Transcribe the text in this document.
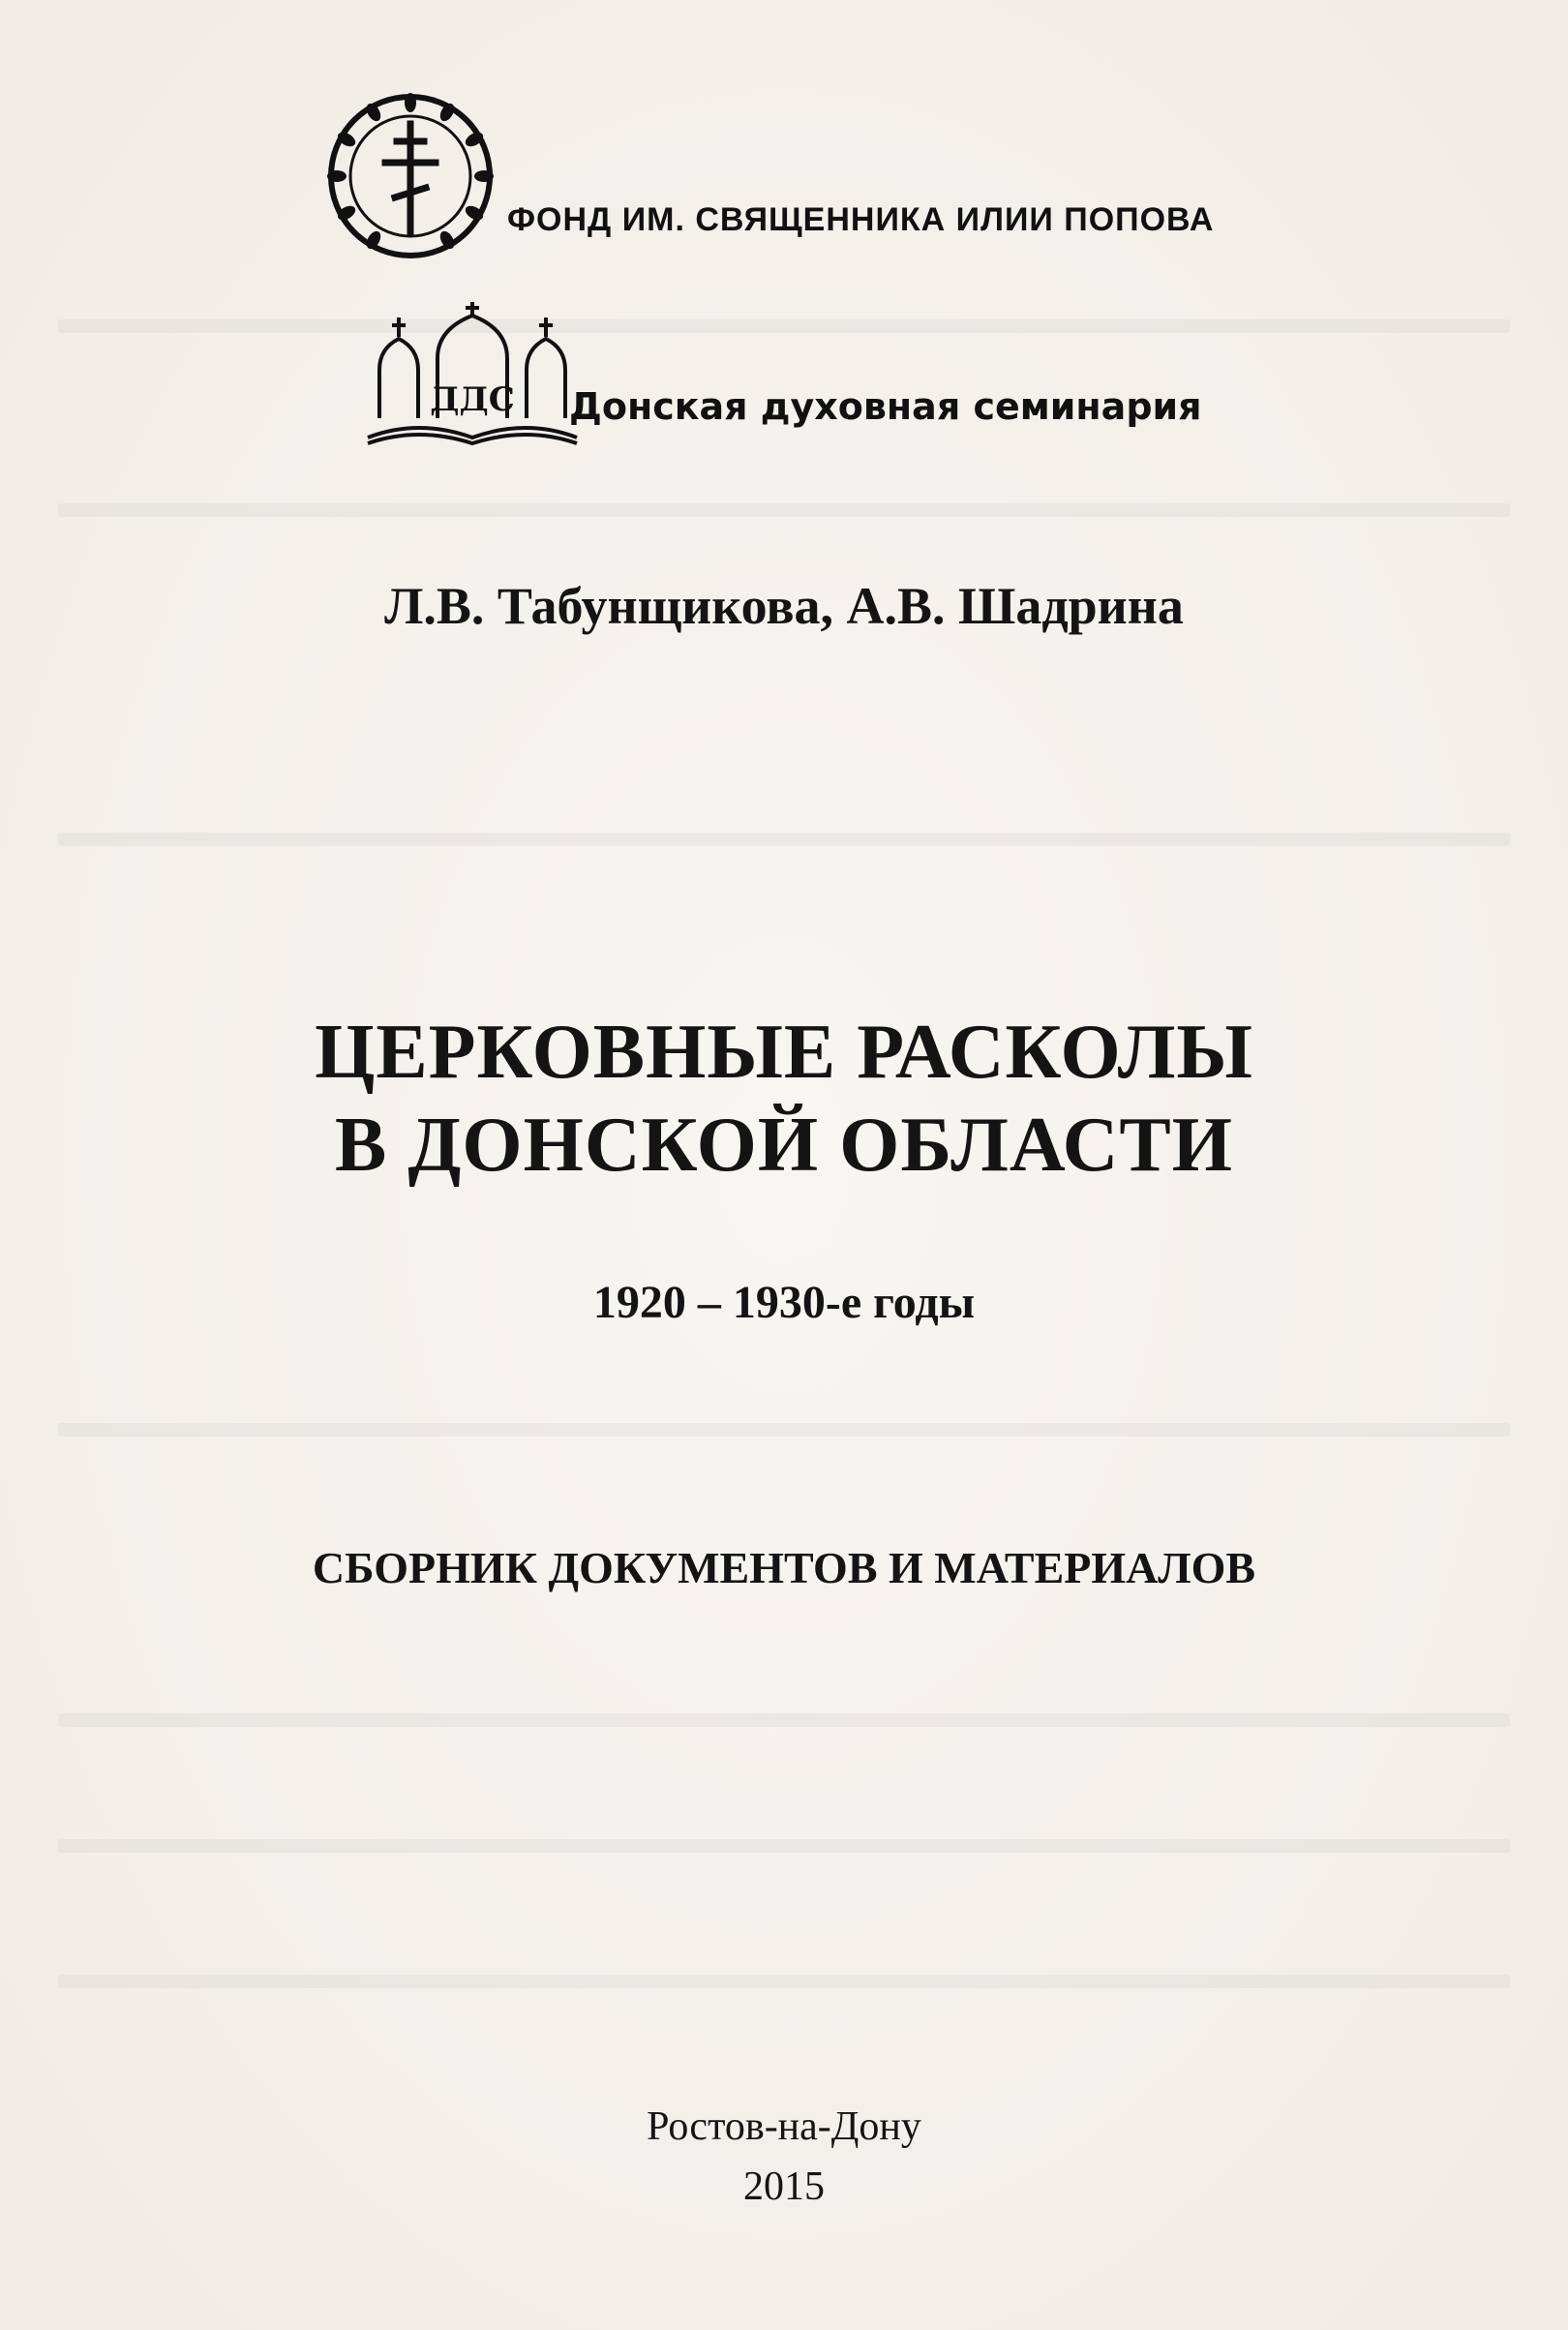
ФОНД ИМ. СВЯЩЕННИКА ИЛИИ ПОПОВА
ДДС Донская духовная семинария
Л.В. Табунщикова, А.В. Шадрина
ЦЕРКОВНЫЕ РАСКОЛЫ
В ДОНСКОЙ ОБЛАСТИ
1920 – 1930-е годы
СБОРНИК ДОКУМЕНТОВ И МАТЕРИАЛОВ
Ростов-на-Дону
2015
